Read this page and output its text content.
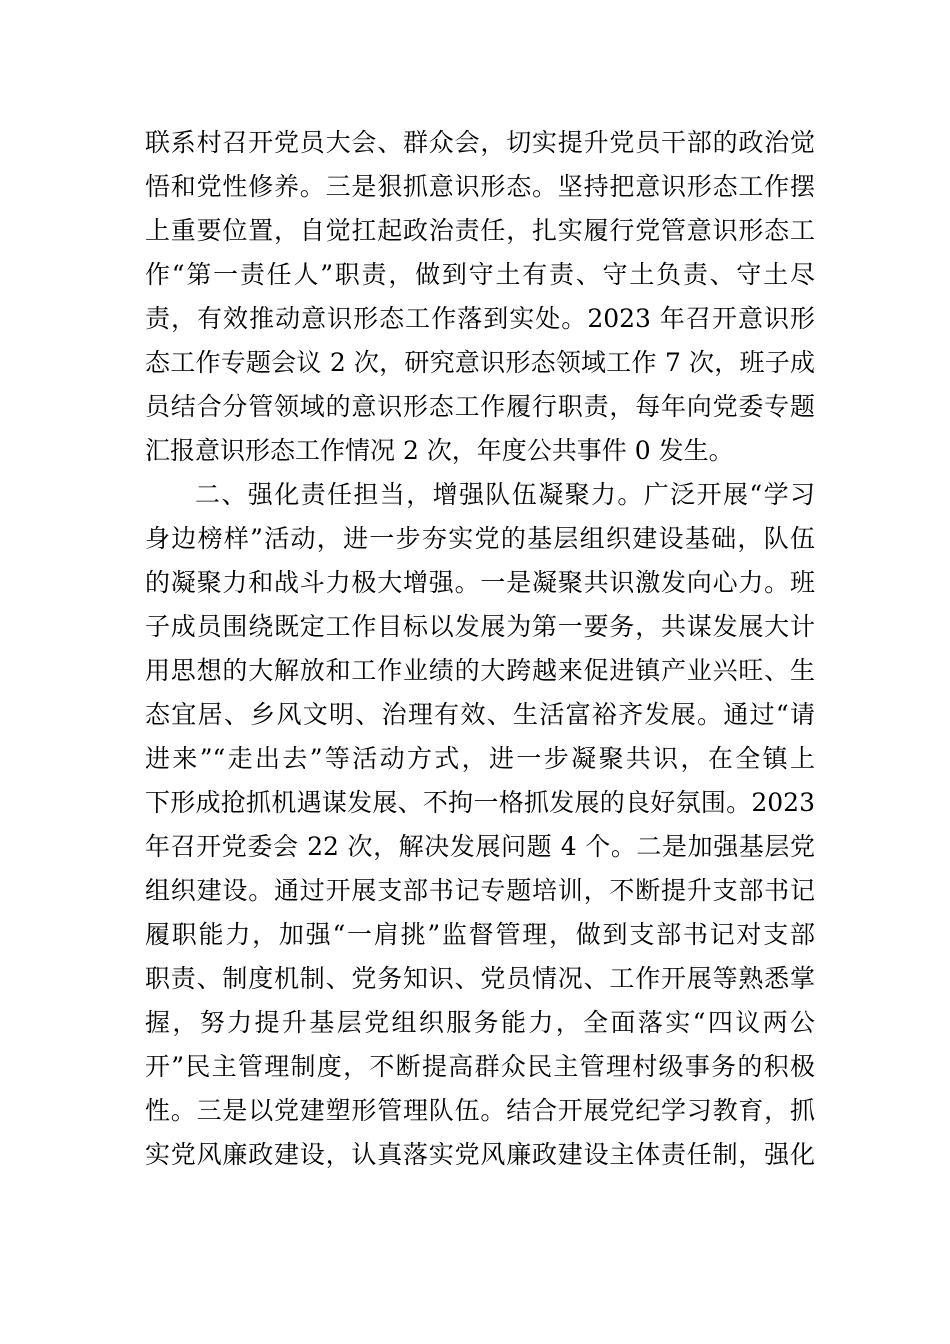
联系村召开党员大会、群众会，切实提升党员干部的政治觉
悟和党性修养。三是狠抓意识形态。坚持把意识形态工作摆
上重要位置，自觉扛起政治责任，扎实履行党管意识形态工
作“第一责任人”职责，做到守土有责、守土负责、守土尽
责，有效推动意识形态工作落到实处。2023 年召开意识形
态工作专题会议 2 次，研究意识形态领域工作 7 次，班子成
员结合分管领域的意识形态工作履行职责，每年向党委专题
汇报意识形态工作情况 2 次，年度公共事件 0 发生。
二、强化责任担当，增强队伍凝聚力。广泛开展“学习
身边榜样”活动，进一步夯实党的基层组织建设基础，队伍
的凝聚力和战斗力极大增强。一是凝聚共识激发向心力。班
子成员围绕既定工作目标以发展为第一要务，共谋发展大计
用思想的大解放和工作业绩的大跨越来促进镇产业兴旺、生
态宜居、乡风文明、治理有效、生活富裕齐发展。通过“请
进来”“走出去”等活动方式，进一步凝聚共识，在全镇上
下形成抢抓机遇谋发展、不拘一格抓发展的良好氛围。2023
年召开党委会 22 次，解决发展问题 4 个。二是加强基层党
组织建设。通过开展支部书记专题培训，不断提升支部书记
履职能力，加强“一肩挑”监督管理，做到支部书记对支部
职责、制度机制、党务知识、党员情况、工作开展等熟悉掌
握，努力提升基层党组织服务能力，全面落实“四议两公
开”民主管理制度，不断提高群众民主管理村级事务的积极
性。三是以党建塑形管理队伍。结合开展党纪学习教育，抓
实党风廉政建设，认真落实党风廉政建设主体责任制，强化
